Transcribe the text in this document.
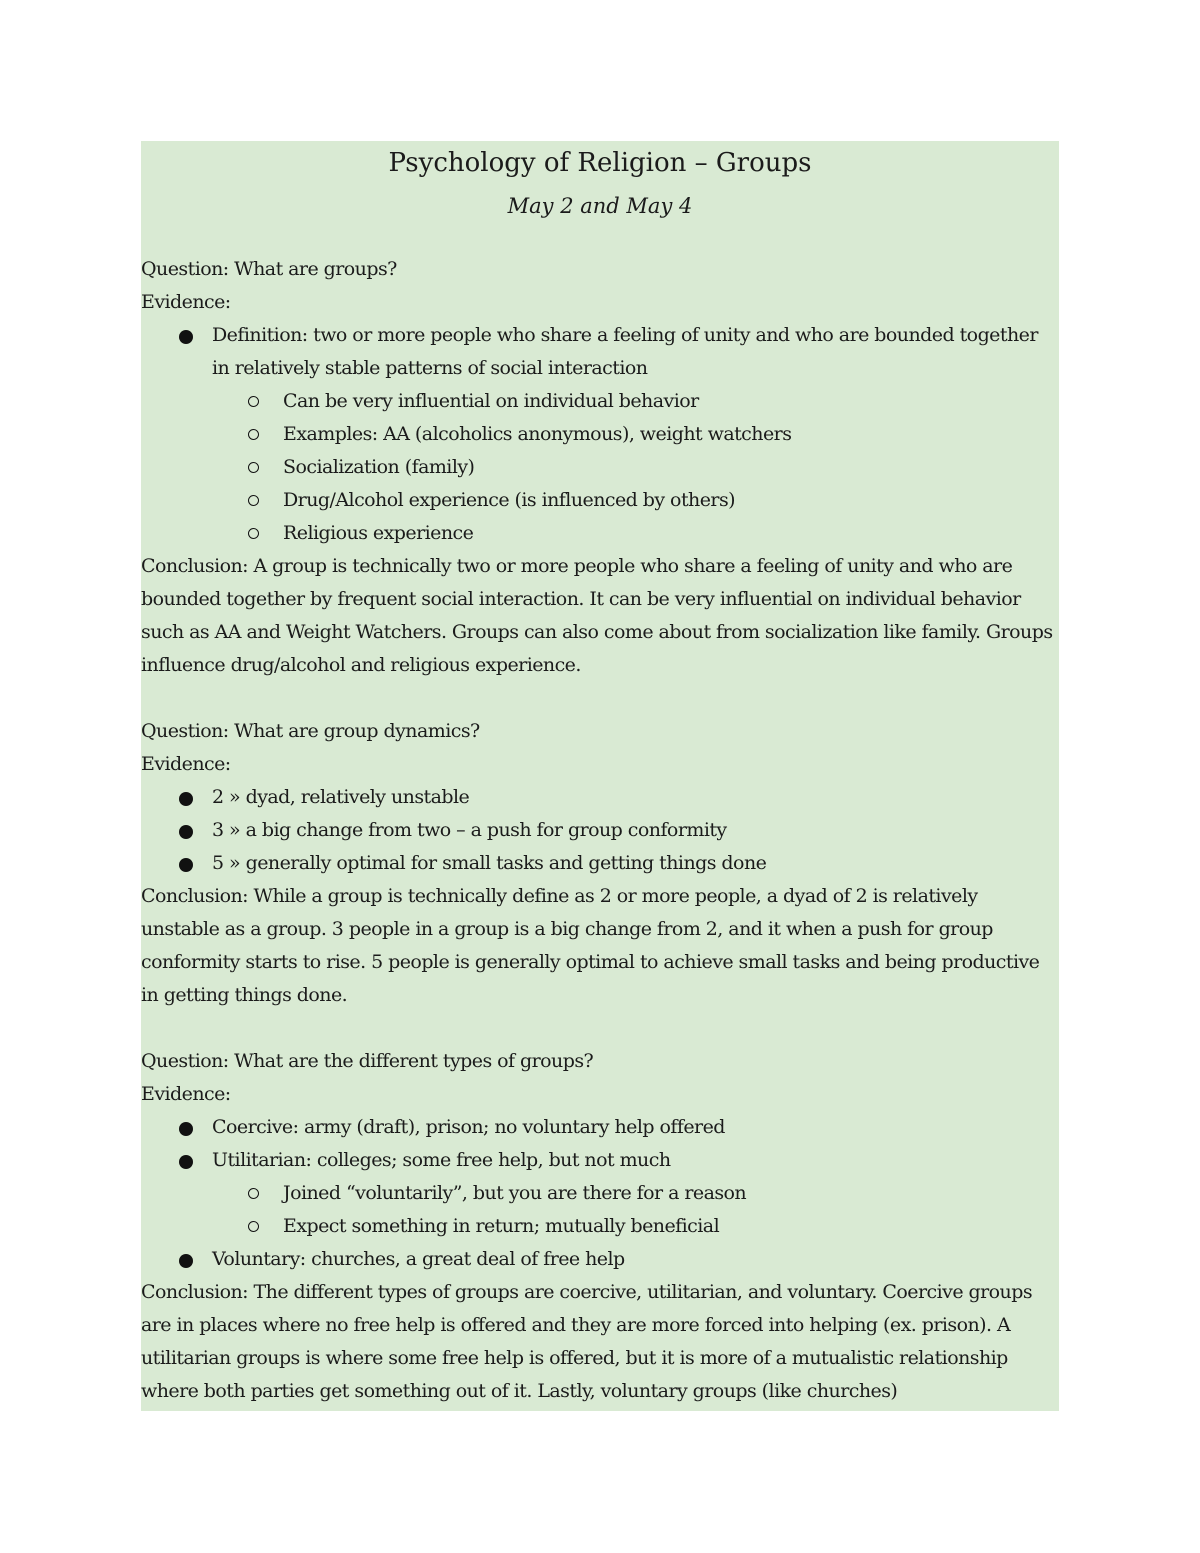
Psychology of Religion – Groups
May 2 and May 4
Question: What are groups?
Evidence:
Definition: two or more people who share a feeling of unity and who are bounded together in relatively stable patterns of social interaction
Can be very influential on individual behavior
Examples: AA (alcoholics anonymous), weight watchers
Socialization (family)
Drug/Alcohol experience (is influenced by others)
Religious experience
Conclusion: A group is technically two or more people who share a feeling of unity and who are bounded together by frequent social interaction. It can be very influential on individual behavior such as AA and Weight Watchers. Groups can also come about from socialization like family. Groups influence drug/alcohol and religious experience.
Question: What are group dynamics?
Evidence:
2 » dyad, relatively unstable
3 » a big change from two – a push for group conformity
5 » generally optimal for small tasks and getting things done
Conclusion: While a group is technically define as 2 or more people, a dyad of 2 is relatively unstable as a group. 3 people in a group is a big change from 2, and it when a push for group conformity starts to rise. 5 people is generally optimal to achieve small tasks and being productive in getting things done.
Question: What are the different types of groups?
Evidence:
Coercive: army (draft), prison; no voluntary help offered
Utilitarian: colleges; some free help, but not much
Joined “voluntarily”, but you are there for a reason
Expect something in return; mutually beneficial
Voluntary: churches, a great deal of free help
Conclusion: The different types of groups are coercive, utilitarian, and voluntary. Coercive groups are in places where no free help is offered and they are more forced into helping (ex. prison). A utilitarian groups is where some free help is offered, but it is more of a mutualistic relationship where both parties get something out of it. Lastly, voluntary groups (like churches)
